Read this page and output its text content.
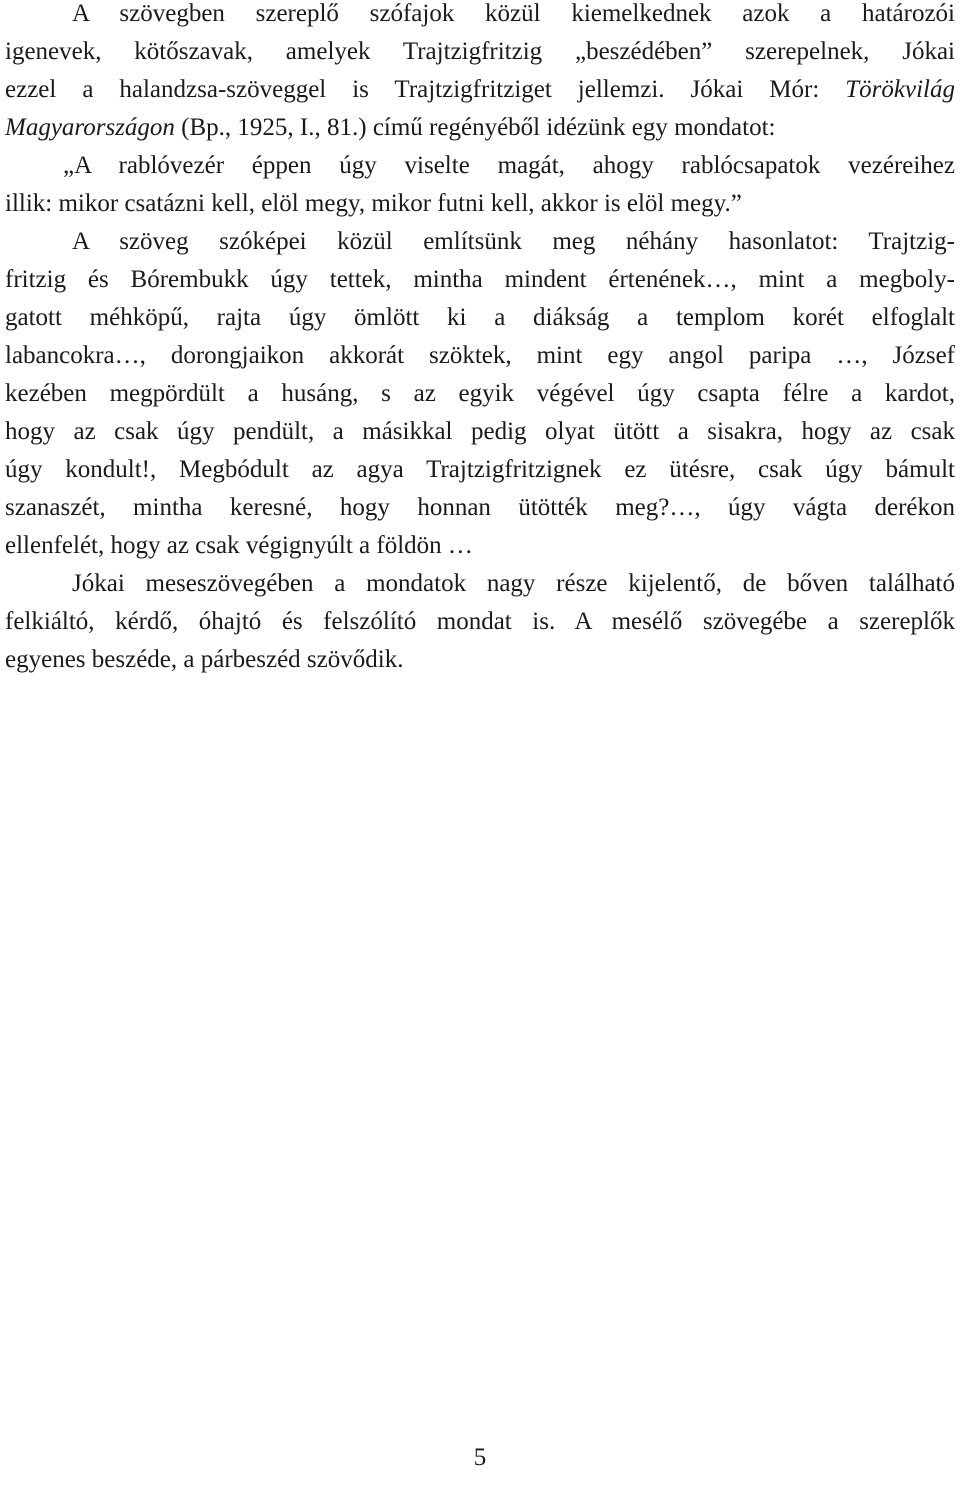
A szövegben szereplő szófajok közül kiemelkednek azok a határozói
igenevek, kötőszavak, amelyek Trajtzigfritzig „beszédében” szerepelnek, Jókai
ezzel a halandzsa-szöveggel is Trajtzigfritziget jellemzi. Jókai Mór: Törökvilág
Magyarországon (Bp., 1925, I., 81.) című regényéből idézünk egy mondatot:
„A rablóvezér éppen úgy viselte magát, ahogy rablócsapatok vezéreihez
illik: mikor csatázni kell, elöl megy, mikor futni kell, akkor is elöl megy.”
A szöveg szóképei közül említsünk meg néhány hasonlatot: Trajtzig-
fritzig és Bórembukk úgy tettek, mintha mindent értenének…, mint a megboly-
gatott méhköpű, rajta úgy ömlött ki a diákság a templom korét elfoglalt
labancokra…, dorongjaikon akkorát szöktek, mint egy angol paripa …, József
kezében megpördült a husáng, s az egyik végével úgy csapta félre a kardot,
hogy az csak úgy pendült, a másikkal pedig olyat ütött a sisakra, hogy az csak
úgy kondult!, Megbódult az agya Trajtzigfritzignek ez ütésre, csak úgy bámult
szanaszét, mintha keresné, hogy honnan ütötték meg?…, úgy vágta derékon
ellenfelét, hogy az csak végignyúlt a földön …
Jókai meseszövegében a mondatok nagy része kijelentő, de bőven található
felkiáltó, kérdő, óhajtó és felszólító mondat is. A mesélő szövegébe a szereplők
egyenes beszéde, a párbeszéd szövődik.
5
